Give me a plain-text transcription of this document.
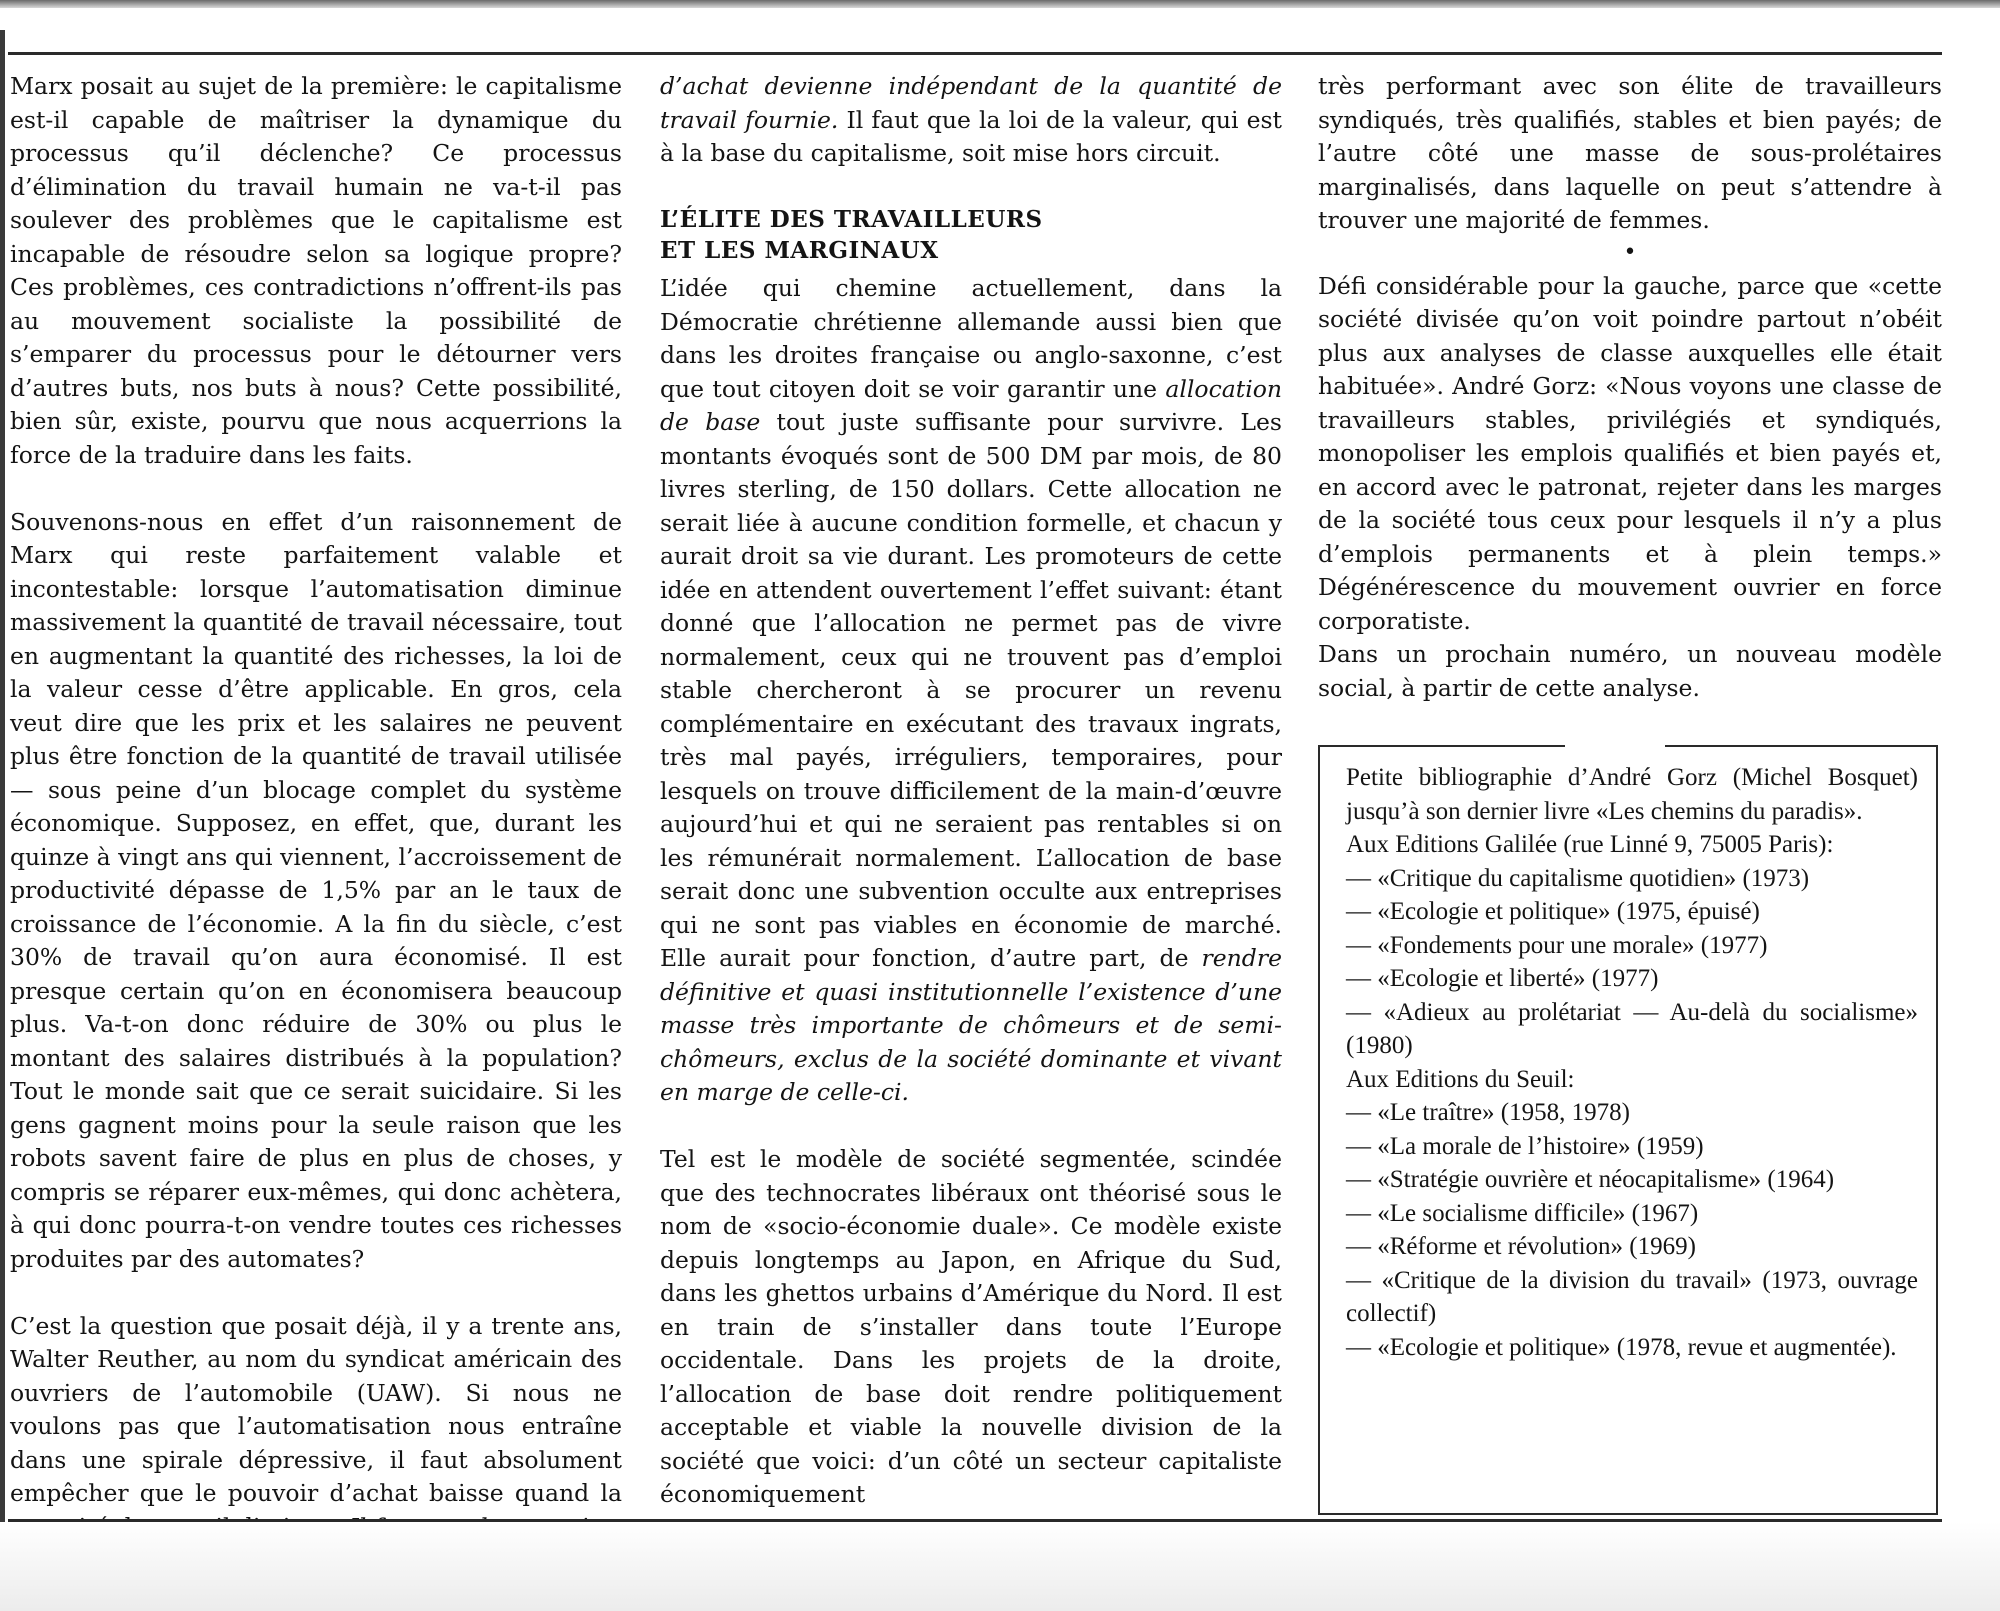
Marx posait au sujet de la première: le capitalisme est-il capable de maîtriser la dynamique du processus qu’il déclenche? Ce processus d’élimination du travail humain ne va-t-il pas soulever des problèmes que le capitalisme est incapable de résoudre selon sa logique propre? Ces problèmes, ces contradictions n’offrent-ils pas au mouvement socialiste la possibilité de s’emparer du processus pour le détourner vers d’autres buts, nos buts à nous? Cette possibilité, bien sûr, existe, pourvu que nous acquerrions la force de la traduire dans les faits.

Souvenons-nous en effet d’un raisonnement de Marx qui reste parfaitement valable et incontestable: lorsque l’automatisation diminue massivement la quantité de travail nécessaire, tout en augmentant la quantité des richesses, la loi de la valeur cesse d’être applicable. En gros, cela veut dire que les prix et les salaires ne peuvent plus être fonction de la quantité de travail utilisée — sous peine d’un blocage complet du système économique. Supposez, en effet, que, durant les quinze à vingt ans qui viennent, l’accroissement de productivité dépasse de 1,5% par an le taux de croissance de l’économie. A la fin du siècle, c’est 30% de travail qu’on aura économisé. Il est presque certain qu’on en économisera beaucoup plus. Va-t-on donc réduire de 30% ou plus le montant des salaires distribués à la population? Tout le monde sait que ce serait suicidaire. Si les gens gagnent moins pour la seule raison que les robots savent faire de plus en plus de choses, y compris se réparer eux-mêmes, qui donc achètera, à qui donc pourra-t-on vendre toutes ces richesses produites par des automates?

C’est la question que posait déjà, il y a trente ans, Walter Reuther, au nom du syndicat américain des ouvriers de l’automobile (UAW). Si nous ne voulons pas que l’automatisation nous entraîne dans une spirale dépressive, il faut absolument empêcher que le pouvoir d’achat baisse quand la

d’achat devienne indépendant de la quantité de travail fournie. Il faut que la loi de la valeur, qui est à la base du capitalisme, soit mise hors circuit.

L’ÉLITE DES TRAVAILLEURS
ET LES MARGINAUX

L’idée qui chemine actuellement, dans la Démocratie chrétienne allemande aussi bien que dans les droites française ou anglo-saxonne, c’est que tout citoyen doit se voir garantir une allocation de base tout juste suffisante pour survivre. Les montants évoqués sont de 500 DM par mois, de 80 livres sterling, de 150 dollars. Cette allocation ne serait liée à aucune condition formelle, et chacun y aurait droit sa vie durant. Les promoteurs de cette idée en attendent ouvertement l’effet suivant: étant donné que l’allocation ne permet pas de vivre normalement, ceux qui ne trouvent pas d’emploi stable chercheront à se procurer un revenu complémentaire en exécutant des travaux ingrats, très mal payés, irréguliers, temporaires, pour lesquels on trouve difficilement de la main-d’œuvre aujourd’hui et qui ne seraient pas rentables si on les rémunérait normalement. L’allocation de base serait donc une subvention occulte aux entreprises qui ne sont pas viables en économie de marché. Elle aurait pour fonction, d’autre part, de rendre définitive et quasi institutionnelle l’existence d’une masse très importante de chômeurs et de semi-chômeurs, exclus de la société dominante et vivant en marge de celle-ci.

Tel est le modèle de société segmentée, scindée que des technocrates libéraux ont théorisé sous le nom de «socio-économie duale». Ce modèle existe depuis longtemps au Japon, en Afrique du Sud, dans les ghettos urbains d’Amérique du Nord. Il est en train de s’installer dans toute l’Europe occidentale. Dans les projets de la droite, l’allocation de base doit rendre politiquement acceptable et viable la nouvelle division de la société que voici: d’un côté un secteur capitaliste économiquement

très performant avec son élite de travailleurs syndiqués, très qualifiés, stables et bien payés; de l’autre côté une masse de sous-prolétaires marginalisés, dans laquelle on peut s’attendre à trouver une majorité de femmes.

•

Défi considérable pour la gauche, parce que «cette société divisée qu’on voit poindre partout n’obéit plus aux analyses de classe auxquelles elle était habituée». André Gorz: «Nous voyons une classe de travailleurs stables, privilégiés et syndiqués, monopoliser les emplois qualifiés et bien payés et, en accord avec le patronat, rejeter dans les marges de la société tous ceux pour lesquels il n’y a plus d’emplois permanents et à plein temps.» Dégénérescence du mouvement ouvrier en force corporatiste.

Dans un prochain numéro, un nouveau modèle social, à partir de cette analyse.

Petite bibliographie d’André Gorz (Michel Bosquet) jusqu’à son dernier livre «Les chemins du paradis».

Aux Editions Galilée (rue Linné 9, 75005 Paris):

— «Critique du capitalisme quotidien» (1973)

— «Ecologie et politique» (1975, épuisé)

— «Fondements pour une morale» (1977)

— «Ecologie et liberté» (1977)

— «Adieux au prolétariat — Au-delà du socialisme» (1980)

Aux Editions du Seuil:

— «Le traître» (1958, 1978)

— «La morale de l’histoire» (1959)

— «Stratégie ouvrière et néocapitalisme» (1964)

— «Le socialisme difficile» (1967)

— «Réforme et révolution» (1969)

— «Critique de la division du travail» (1973, ouvrage collectif)

— «Ecologie et politique» (1978, revue et augmentée).
